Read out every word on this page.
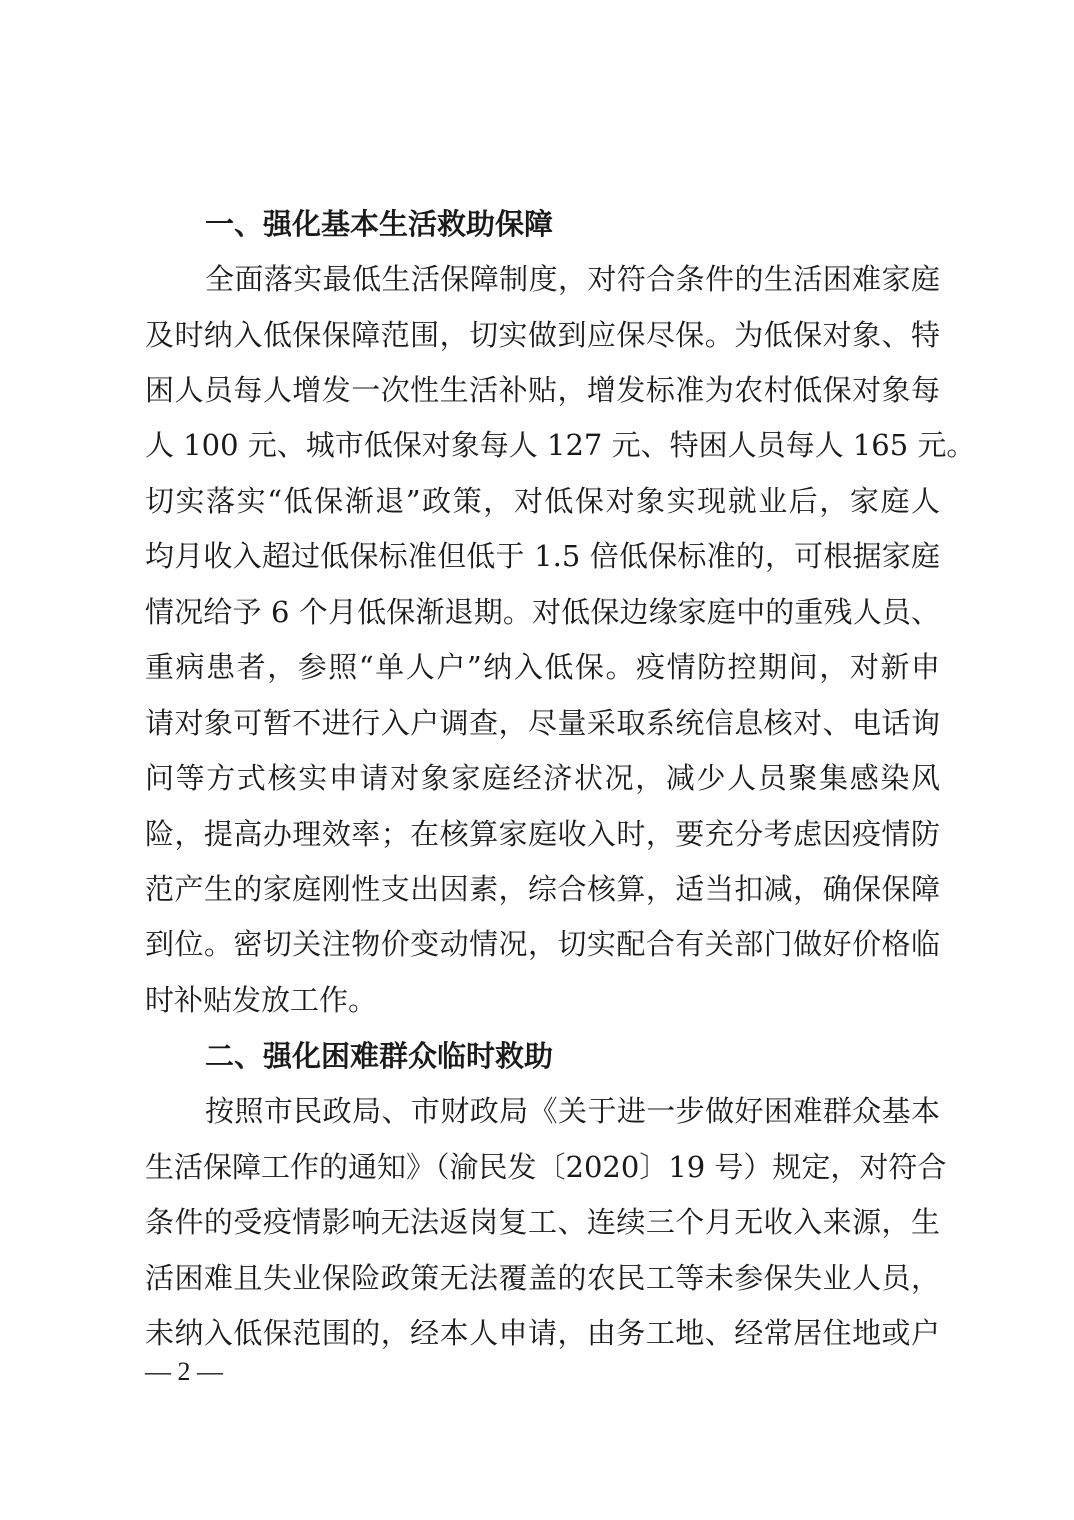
一、强化基本生活救助保障
全面落实最低生活保障制度，对符合条件的生活困难家庭
及时纳入低保保障范围，切实做到应保尽保。为低保对象、特
困人员每人增发一次性生活补贴，增发标准为农村低保对象每
人 100 元、城市低保对象每人 127 元、特困人员每人 165 元。
切实落实“低保渐退”政策，对低保对象实现就业后，家庭人
均月收入超过低保标准但低于 1.5 倍低保标准的，可根据家庭
情况给予 6 个月低保渐退期。对低保边缘家庭中的重残人员、
重病患者，参照“单人户”纳入低保。疫情防控期间，对新申
请对象可暂不进行入户调查，尽量采取系统信息核对、电话询
问等方式核实申请对象家庭经济状况，减少人员聚集感染风
险，提高办理效率；在核算家庭收入时，要充分考虑因疫情防
范产生的家庭刚性支出因素，综合核算，适当扣减，确保保障
到位。密切关注物价变动情况，切实配合有关部门做好价格临
时补贴发放工作。
二、强化困难群众临时救助
按照市民政局、市财政局《关于进一步做好困难群众基本
生活保障工作的通知》（渝民发〔2020〕19 号）规定，对符合
条件的受疫情影响无法返岗复工、连续三个月无收入来源，生
活困难且失业保险政策无法覆盖的农民工等未参保失业人员，
未纳入低保范围的，经本人申请，由务工地、经常居住地或户
— 2 —
